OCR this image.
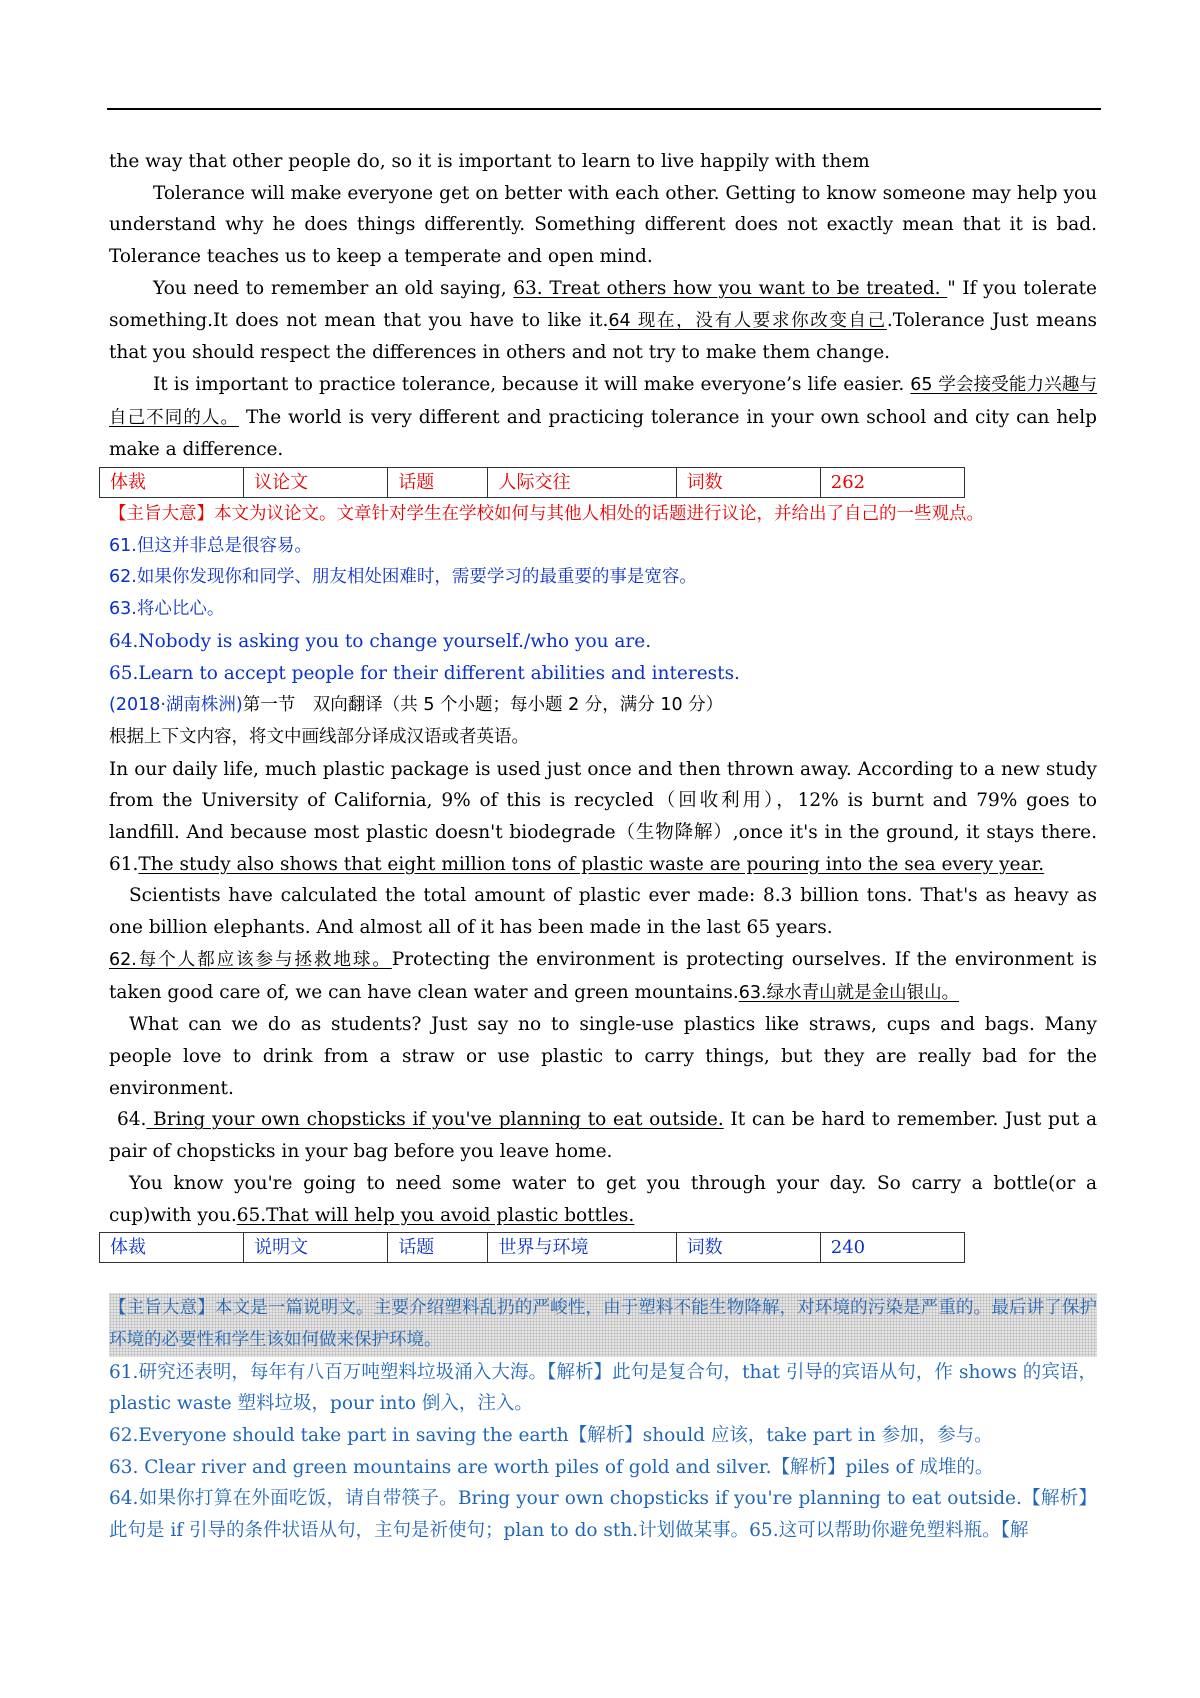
the way that other people do, so it is important to learn to live happily with them

Tolerance will make everyone get on better with each other. Getting to know someone may help you understand why he does things differently. Something different does not exactly mean that it is bad. Tolerance teaches us to keep a temperate and open mind.

You need to remember an old saying, 63. Treat others how you want to be treated. " If you tolerate something.It does not mean that you have to like it.64 现在，没有人要求你改变自己.Tolerance Just means that you should respect the differences in others and not try to make them change.

It is important to practice tolerance, because it will make everyone’s life easier. 65 学会接受能力兴趣与自己不同的人。 The world is very different and practicing tolerance in your own school and city can help make a difference.

体裁	议论文	话题	人际交往	词数	262

【主旨大意】本文为议论文。文章针对学生在学校如何与其他人相处的话题进行议论，并给出了自己的一些观点。

61.但这并非总是很容易。

62.如果你发现你和同学、朋友相处困难时，需要学习的最重要的事是宽容。

63.将心比心。

64.Nobody is asking you to change yourself./who you are.

65.Learn to accept people for their different abilities and interests.

(2018·湖南株洲)第一节　双向翻译（共 5 个小题；每小题 2 分，满分 10 分）

根据上下文内容，将文中画线部分译成汉语或者英语。

In our daily life, much plastic package is used just once and then thrown away. According to a new study from the University of California, 9% of this is recycled（回收利用），12% is burnt and 79% goes to landfill. And because most plastic doesn't biodegrade（生物降解）,once it's in the ground, it stays there. 61.The study also shows that eight million tons of plastic waste are pouring into the sea every year.

Scientists have calculated the total amount of plastic ever made: 8.3 billion tons. That's as heavy as one billion elephants. And almost all of it has been made in the last 65 years.

62.每个人都应该参与拯救地球。Protecting the environment is protecting ourselves. If the environment is taken good care of, we can have clean water and green mountains.63.绿水青山就是金山银山。

What can we do as students? Just say no to single-use plastics like straws, cups and bags. Many people love to drink from a straw or use plastic to carry things, but they are really bad for the environment.

64. Bring your own chopsticks if you've planning to eat outside. It can be hard to remember. Just put a pair of chopsticks in your bag before you leave home.

You know you're going to need some water to get you through your day. So carry a bottle(or a cup)with you.65.That will help you avoid plastic bottles.

体裁	说明文	话题	世界与环境	词数	240

【主旨大意】本文是一篇说明文。主要介绍塑料乱扔的严峻性，由于塑料不能生物降解，对环境的污染是严重的。最后讲了保护环境的必要性和学生该如何做来保护环境。

61.研究还表明，每年有八百万吨塑料垃圾涌入大海。【解析】此句是复合句，that 引导的宾语从句，作 shows 的宾语，plastic waste 塑料垃圾，pour into 倒入，注入。

62.Everyone should take part in saving the earth【解析】should 应该，take part in 参加，参与。

63. Clear river and green mountains are worth piles of gold and silver.【解析】piles of 成堆的。

64.如果你打算在外面吃饭，请自带筷子。Bring your own chopsticks if you're planning to eat outside.【解析】此句是 if 引导的条件状语从句，主句是祈使句；plan to do sth.计划做某事。65.这可以帮助你避免塑料瓶。【解
